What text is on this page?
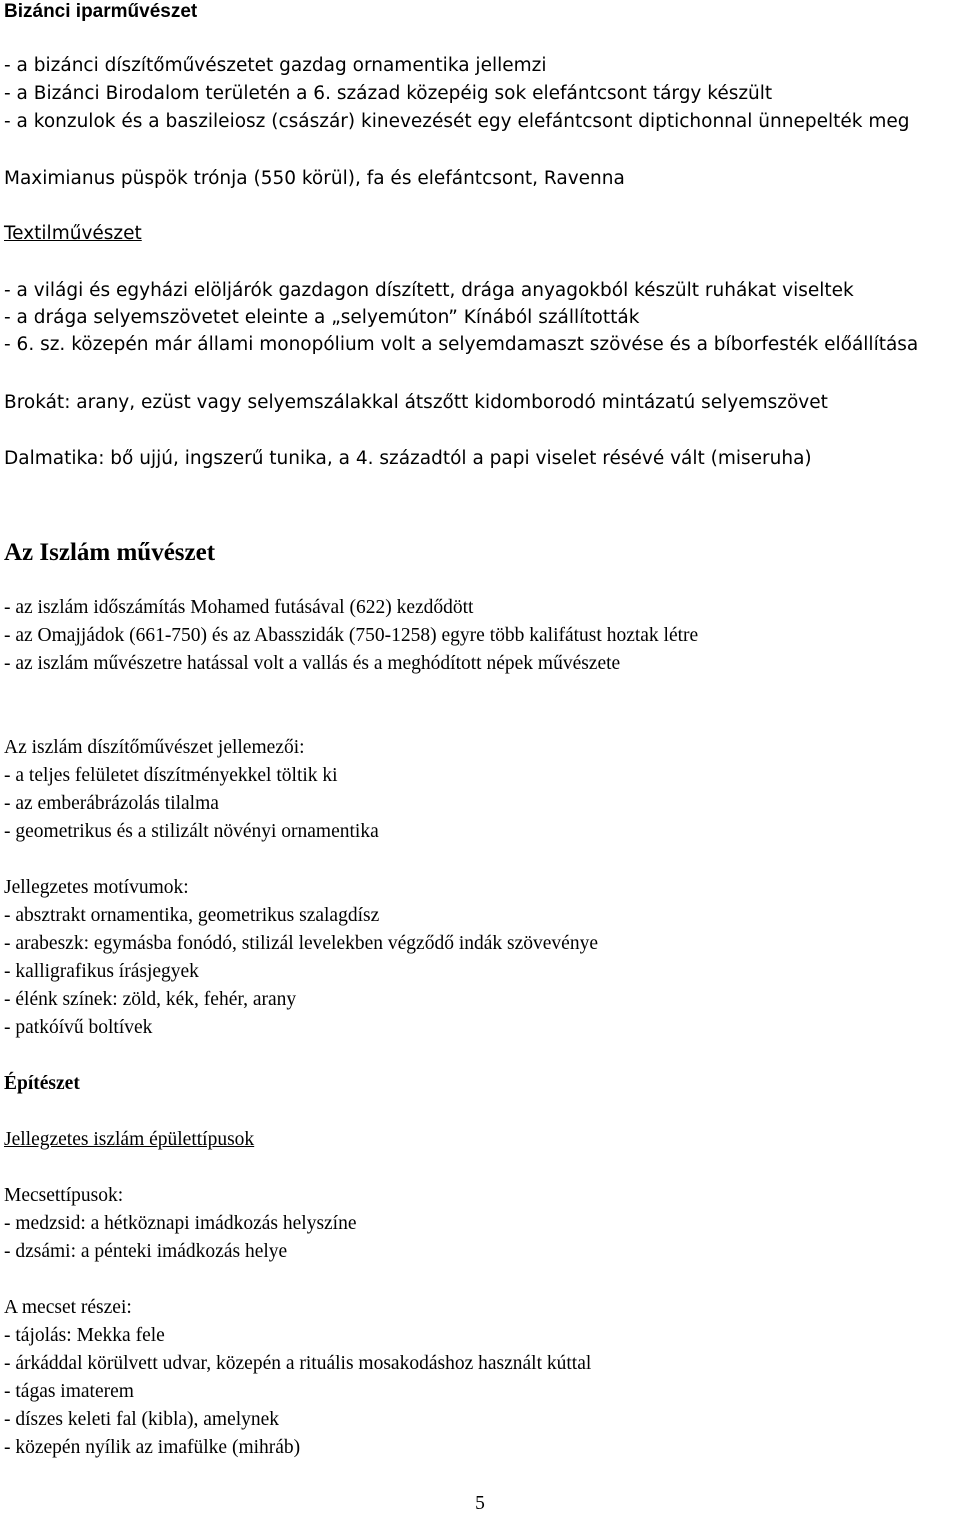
Bizánci iparművészet
- a bizánci díszítőművészetet gazdag ornamentika jellemzi
- a Bizánci Birodalom területén a 6. század közepéig sok elefántcsont tárgy készült
- a konzulok és a baszileiosz (császár) kinevezését egy elefántcsont diptichonnal ünnepelték meg
Maximianus püspök trónja (550 körül), fa és elefántcsont, Ravenna
Textilművészet
- a világi és egyházi elöljárók gazdagon díszített, drága anyagokból készült ruhákat viseltek
- a drága selyemszövetet eleinte a „selyemúton” Kínából szállították
- 6. sz. közepén már állami monopólium volt a selyemdamaszt szövése és a bíborfesték előállítása
Brokát: arany, ezüst vagy selyemszálakkal átszőtt kidomborodó mintázatú selyemszövet
Dalmatika: bő ujjú, ingszerű tunika, a 4. századtól a papi viselet résévé vált (miseruha)
Az Iszlám művészet
- az iszlám időszámítás Mohamed futásával (622) kezdődött
- az Omajjádok (661-750) és az Abasszidák (750-1258) egyre több kalifátust hoztak létre
- az iszlám művészetre hatással volt a vallás és a meghódított népek művészete
Az iszlám díszítőművészet jellemezői:
- a teljes felületet díszítményekkel töltik ki
- az emberábrázolás tilalma
- geometrikus és a stilizált növényi ornamentika
Jellegzetes motívumok:
- absztrakt ornamentika, geometrikus szalagdísz
- arabeszk: egymásba fonódó, stilizál levelekben végződő indák szövevénye
- kalligrafikus írásjegyek
- élénk színek: zöld, kék, fehér, arany
- patkóívű boltívek
Építészet
Jellegzetes iszlám épülettípusok
Mecsettípusok:
- medzsid: a hétköznapi imádkozás helyszíne
- dzsámi: a pénteki imádkozás helye
A mecset részei:
- tájolás: Mekka fele
- árkáddal körülvett udvar, közepén a rituális mosakodáshoz használt kúttal
- tágas imaterem
- díszes keleti fal (kibla), amelynek
- közepén nyílik az imafülke (mihráb)
5
